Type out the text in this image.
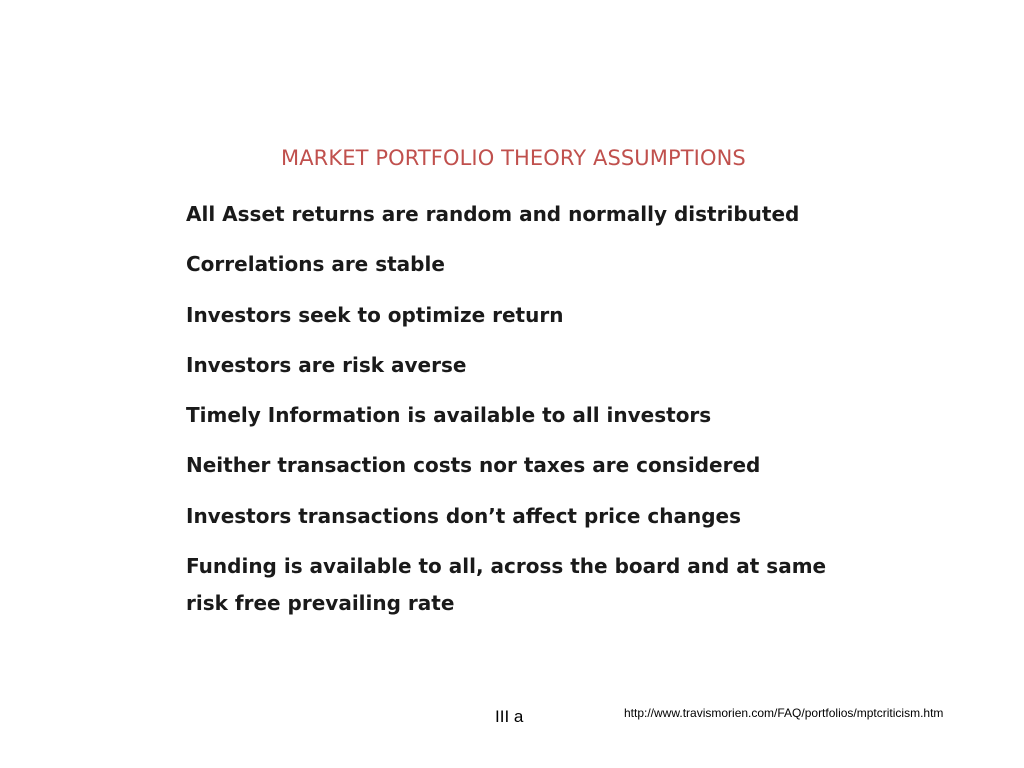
MARKET PORTFOLIO THEORY ASSUMPTIONS
All Asset returns are random and normally distributed
Correlations are stable
Investors seek to optimize return
Investors are risk averse
Timely Information is available to all investors
Neither transaction costs nor taxes are considered
Investors transactions don’t affect price changes
Funding is available to all, across the board and at same risk free prevailing rate
III a	http://www.travismorien.com/FAQ/portfolios/mptcriticism.htm
